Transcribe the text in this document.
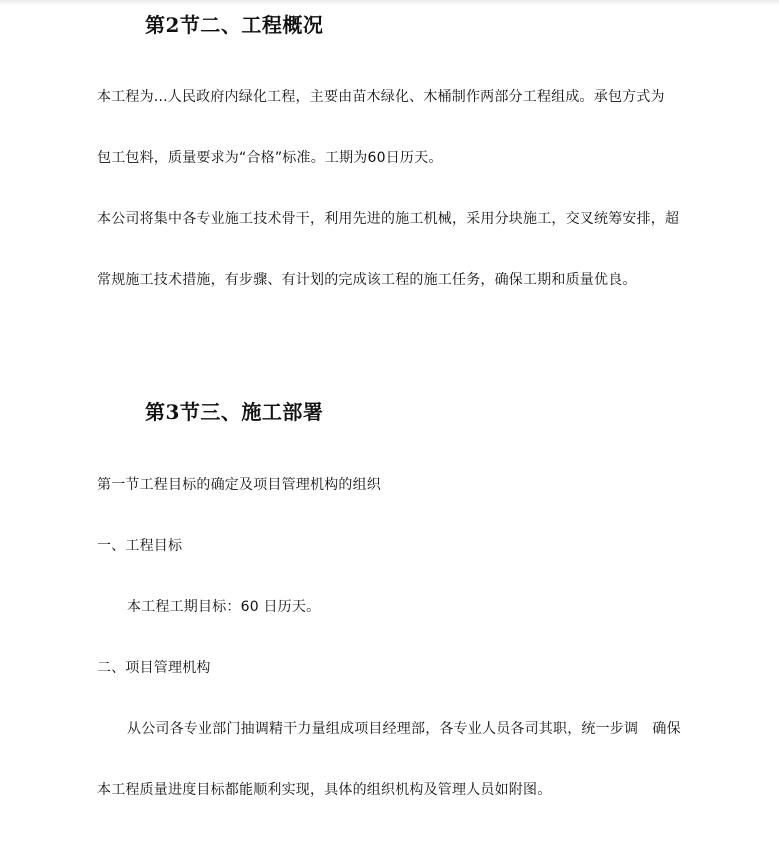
第2节二、工程概况
本工程为...人民政府内绿化工程，主要由苗木绿化、木桶制作两部分工程组成。承包方式为
包工包料，质量要求为“合格”标准。工期为60日历天。
本公司将集中各专业施工技术骨干，利用先进的施工机械，采用分块施工，交叉统筹安排，超
常规施工技术措施，有步骤、有计划的完成该工程的施工任务，确保工期和质量优良。
第3节三、施工部署
第一节工程目标的确定及项目管理机构的组织
一、工程目标
本工程工期目标：60 日历天。
二、项目管理机构
从公司各专业部门抽调精干力量组成项目经理部，各专业人员各司其职，统一步调　确保
本工程质量进度目标都能顺利实现，具体的组织机构及管理人员如附图。
